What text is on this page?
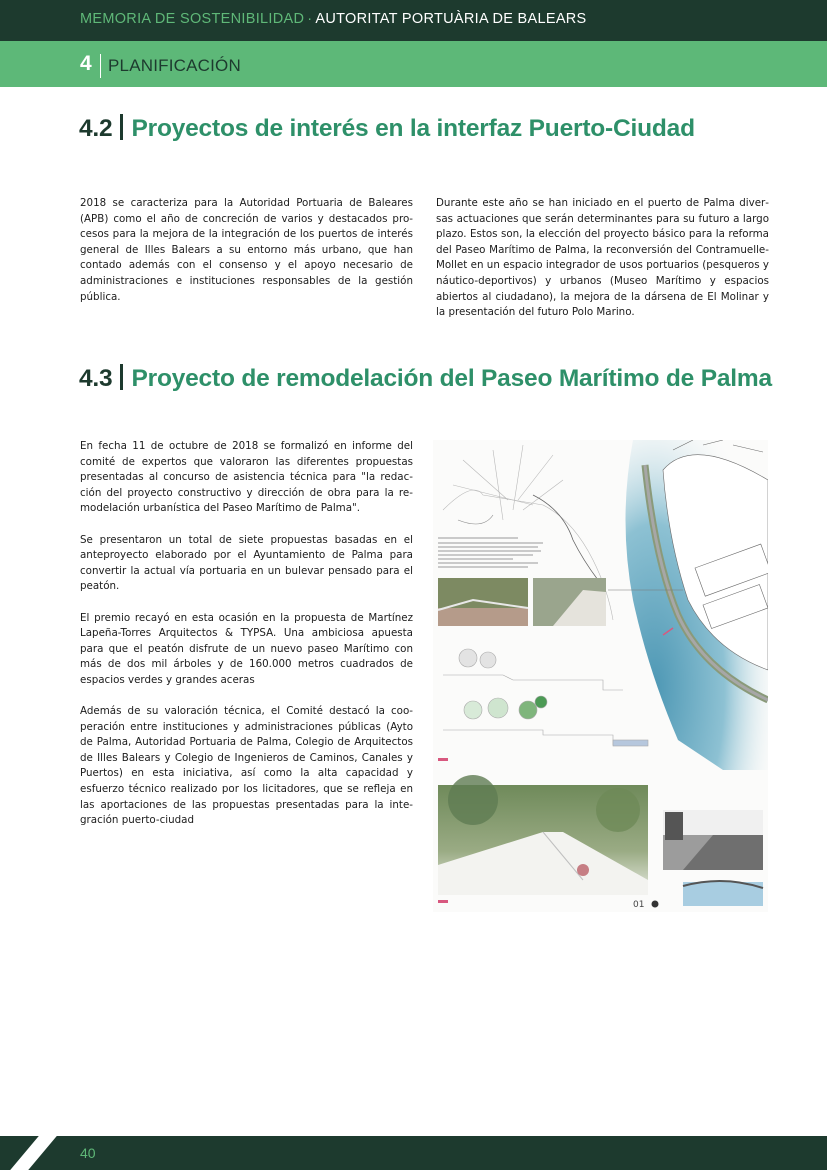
MEMORIA DE SOSTENIBILIDAD · AUTORITAT PORTUÀRIA DE BALEARS
4 PLANIFICACIÓN
4.2 Proyectos de interés en la interfaz Puerto-Ciudad

2018 se caracteriza para la Autoridad Portuaria de Baleares (APB) como el año de concreción de varios y destacados procesos para la mejora de la integración de los puertos de interés general de Illes Balears a su entorno más urbano, que han contado además con el consenso y el apoyo necesario de administraciones e instituciones responsables de la gestión pública.

Durante este año se han iniciado en el puerto de Palma diversas actuaciones que serán determinantes para su futuro a largo plazo. Estos son, la elección del proyecto básico para la reforma del Paseo Marítimo de Palma, la reconversión del Contramuelle-Mollet en un espacio integrador de usos portuarios (pesqueros y náutico-deportivos) y urbanos (Museo Marítimo y espacios abiertos al ciudadano), la mejora de la dársena de El Molinar y la presentación del futuro Polo Marino.

4.3 Proyecto de remodelación del Paseo Marítimo de Palma

En fecha 11 de octubre de 2018 se formalizó en informe del comité de expertos que valoraron las diferentes propuestas presentadas al concurso de asistencia técnica para "la redacción del proyecto constructivo y dirección de obra para la remodelación urbanística del Paseo Marítimo de Palma".

Se presentaron un total de siete propuestas basadas en el anteproyecto elaborado por el Ayuntamiento de Palma para convertir la actual vía portuaria en un bulevar pensado para el peatón.

El premio recayó en esta ocasión en la propuesta de Martínez Lapeña-Torres Arquitectos & TYPSA. Una ambiciosa apuesta para que el peatón disfrute de un nuevo paseo Marítimo con más de dos mil árboles y de 160.000 metros cuadrados de espacios verdes y grandes aceras

Además de su valoración técnica, el Comité destacó la cooperación entre instituciones y administraciones públicas (Ayto de Palma, Autoridad Portuaria de Palma, Colegio de Arquitectos de Illes Balears y Colegio de Ingenieros de Caminos, Canales y Puertos) en esta iniciativa, así como la alta capacidad y esfuerzo técnico realizado por los licitadores, que se refleja en las aportaciones de las propuestas presentadas para la integración puerto-ciudad

01
40
